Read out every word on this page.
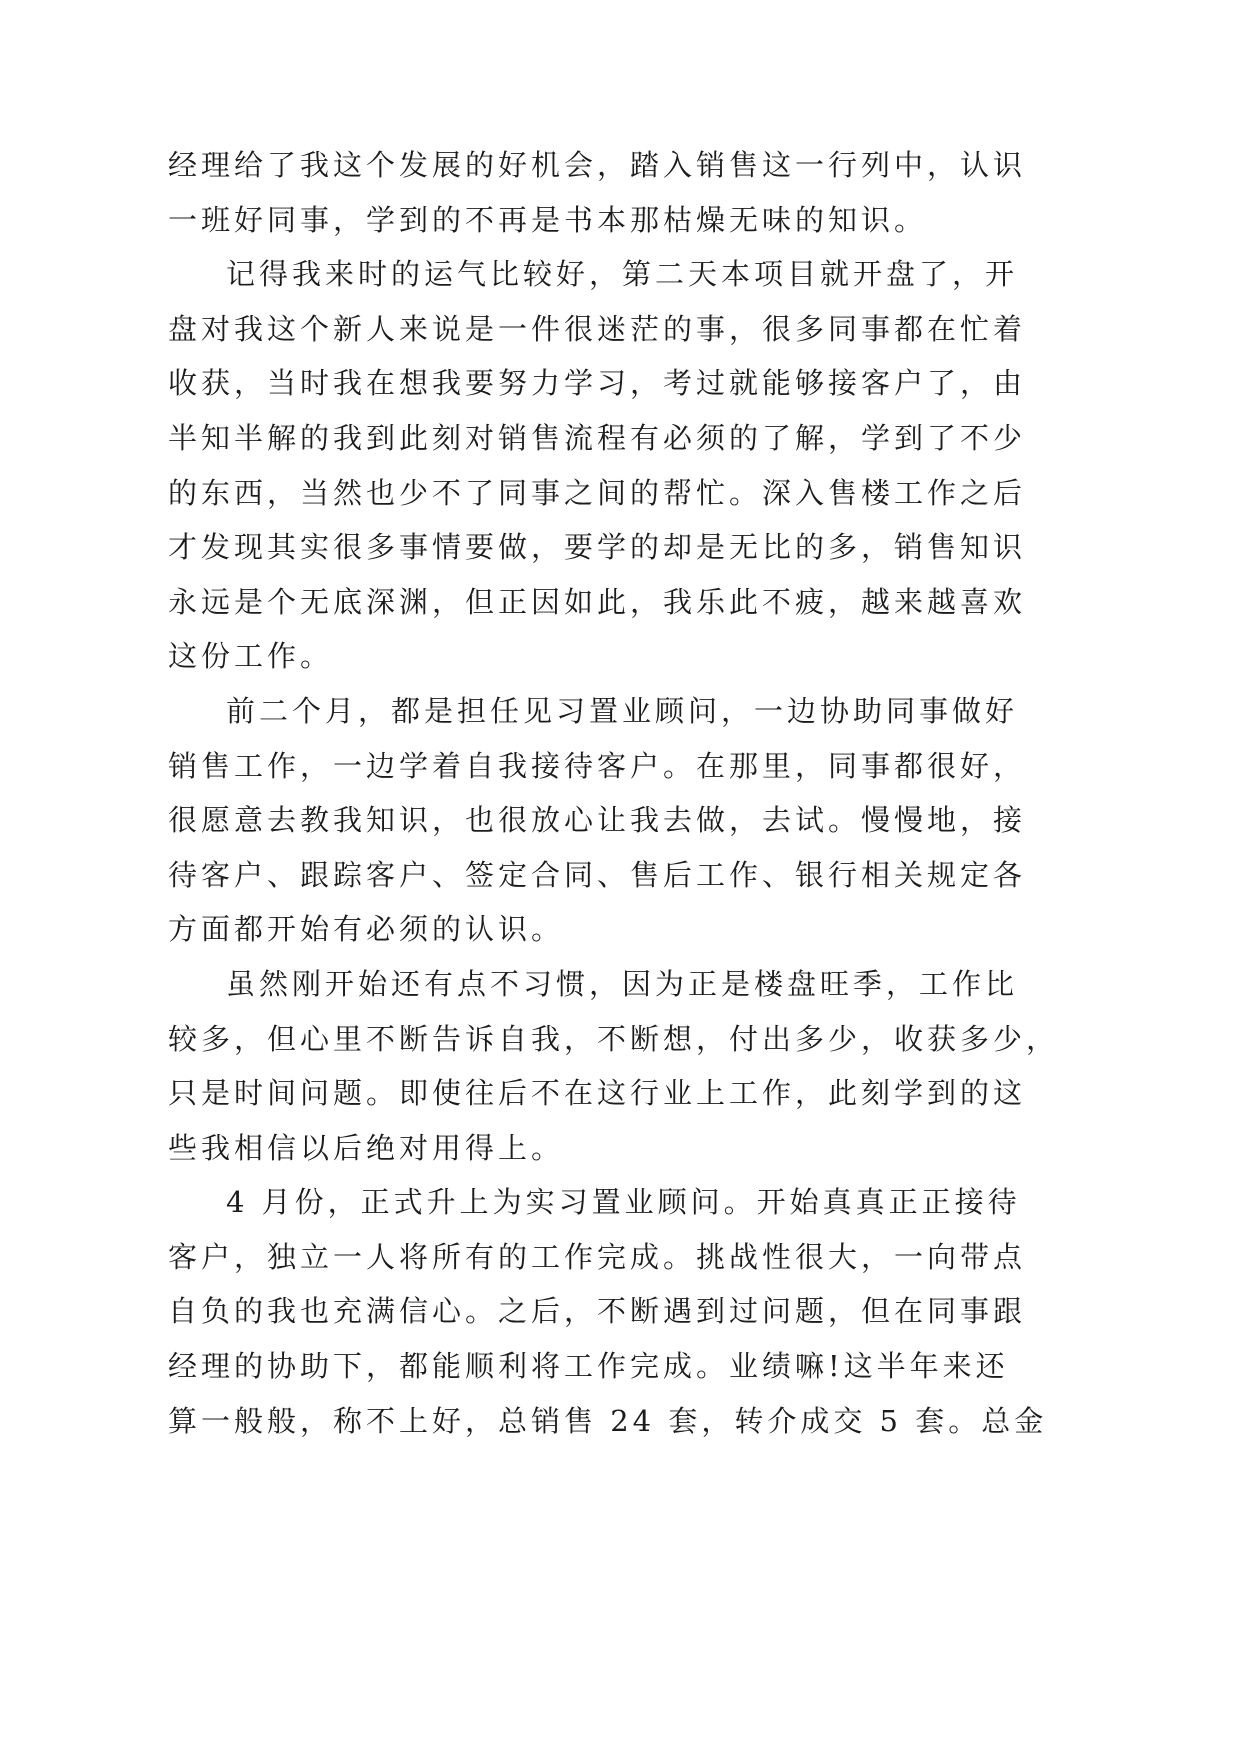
经理给了我这个发展的好机会，踏入销售这一行列中，认识
一班好同事，学到的不再是书本那枯燥无味的知识。
记得我来时的运气比较好，第二天本项目就开盘了，开
盘对我这个新人来说是一件很迷茫的事，很多同事都在忙着
收获，当时我在想我要努力学习，考过就能够接客户了，由
半知半解的我到此刻对销售流程有必须的了解，学到了不少
的东西，当然也少不了同事之间的帮忙。深入售楼工作之后
才发现其实很多事情要做，要学的却是无比的多，销售知识
永远是个无底深渊，但正因如此，我乐此不疲，越来越喜欢
这份工作。
前二个月，都是担任见习置业顾问，一边协助同事做好
销售工作，一边学着自我接待客户。在那里，同事都很好，
很愿意去教我知识，也很放心让我去做，去试。慢慢地，接
待客户、跟踪客户、签定合同、售后工作、银行相关规定各
方面都开始有必须的认识。
虽然刚开始还有点不习惯，因为正是楼盘旺季，工作比
较多，但心里不断告诉自我，不断想，付出多少，收获多少，
只是时间问题。即使往后不在这行业上工作，此刻学到的这
些我相信以后绝对用得上。
4 月份，正式升上为实习置业顾问。开始真真正正接待
客户，独立一人将所有的工作完成。挑战性很大，一向带点
自负的我也充满信心。之后，不断遇到过问题，但在同事跟
经理的协助下，都能顺利将工作完成。业绩嘛!这半年来还
算一般般，称不上好，总销售 24 套，转介成交 5 套。总金
